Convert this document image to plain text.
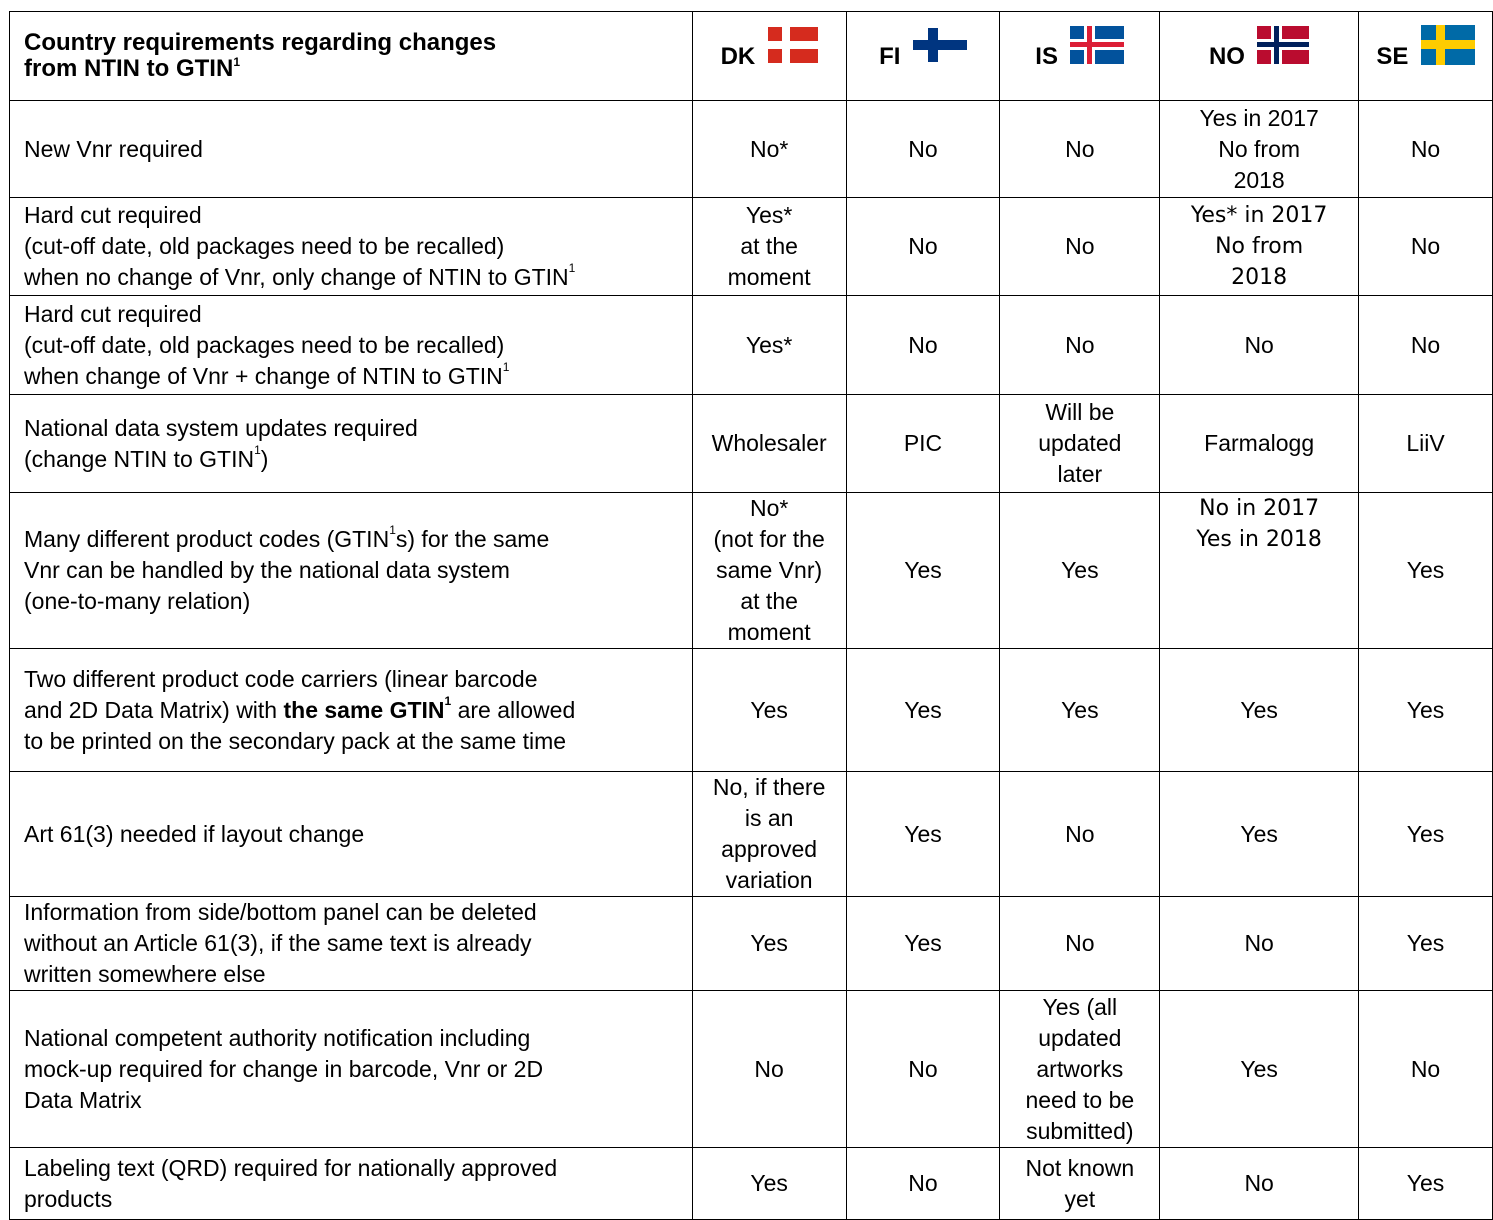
Country requirements regarding changes
from NTIN to GTIN$^1$	DK	FI	IS	NO	SE
New Vnr required	No*	No	No	Yes in 2017
No from
2018	No
Hard cut required
(cut-off date, old packages need to be recalled)
when no change of Vnr, only change of NTIN to GTIN$^1$	Yes*
at the
moment	No	No	Yes* in 2017
No from
2018	No
Hard cut required
(cut-off date, old packages need to be recalled)
when change of Vnr + change of NTIN to GTIN$^1$	Yes*	No	No	No	No
National data system updates required
(change NTIN to GTIN$^1$)	Wholesaler	PIC	Will be
updated
later	Farmalogg	LiiV
Many different product codes (GTIN$^1$s) for the same
Vnr can be handled by the national data system
(one-to-many relation)	No*
(not for the
same Vnr)
at the
moment	Yes	Yes	No in 2017
Yes in 2018	Yes
Two different product code carriers (linear barcode
and 2D Data Matrix) with the same GTIN$^1$ are allowed
to be printed on the secondary pack at the same time	Yes	Yes	Yes	Yes	Yes
Art 61(3) needed if layout change	No, if there
is an
approved
variation	Yes	No	Yes	Yes
Information from side/bottom panel can be deleted
without an Article 61(3), if the same text is already
written somewhere else	Yes	Yes	No	No	Yes
National competent authority notification including
mock-up required for change in barcode, Vnr or 2D
Data Matrix	No	No	Yes (all
updated
artworks
need to be
submitted)	Yes	No
Labeling text (QRD) required for nationally approved
products	Yes	No	Not known
yet	No	Yes
